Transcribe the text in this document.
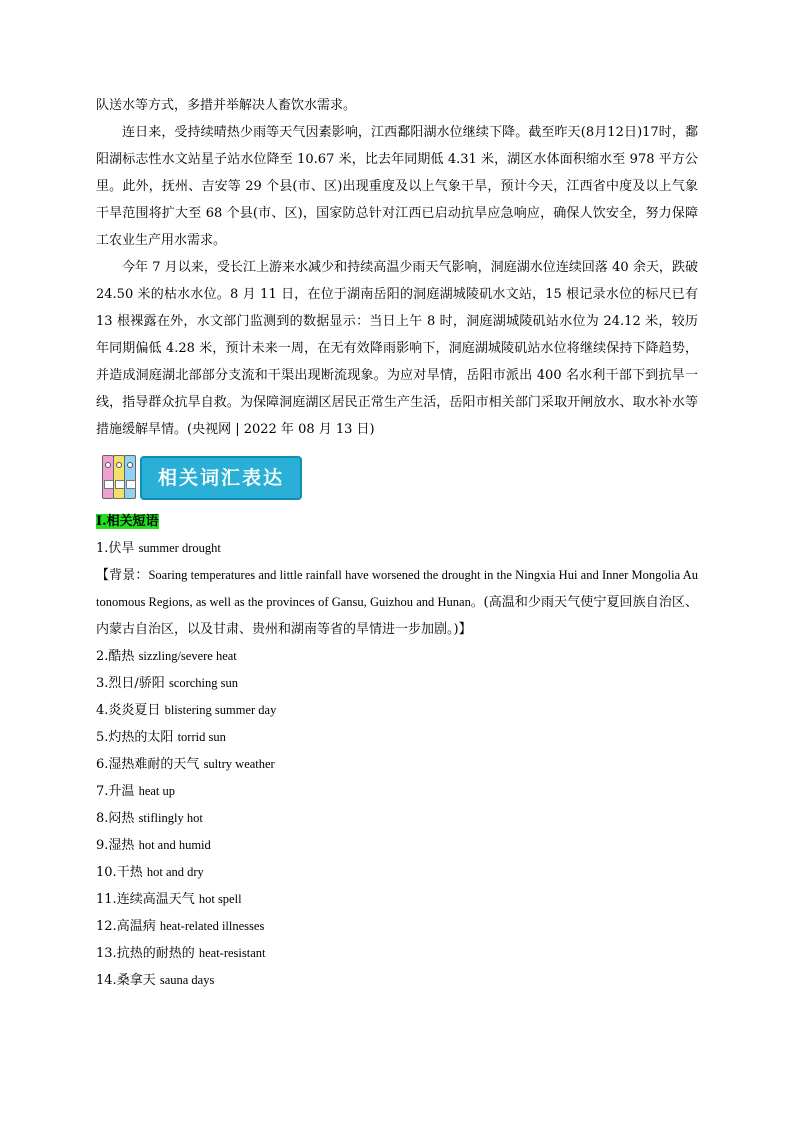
队送水等方式，多措并举解决人畜饮水需求。

连日来，受持续晴热少雨等天气因素影响，江西鄱阳湖水位继续下降。截至昨天(8月12日)17时，鄱阳湖标志性水文站星子站水位降至 10.67 米，比去年同期低 4.31 米，湖区水体面积缩水至 978 平方公里。此外，抚州、吉安等 29 个县(市、区)出现重度及以上气象干旱，预计今天，江西省中度及以上气象干旱范围将扩大至 68 个县(市、区)，国家防总针对江西已启动抗旱应急响应，确保人饮安全，努力保障工农业生产用水需求。

今年 7 月以来，受长江上游来水减少和持续高温少雨天气影响，洞庭湖水位连续回落 40 余天，跌破 24.50 米的枯水水位。8 月 11 日，在位于湖南岳阳的洞庭湖城陵矶水文站，15 根记录水位的标尺已有 13 根裸露在外，水文部门监测到的数据显示：当日上午 8 时，洞庭湖城陵矶站水位为 24.12 米，较历年同期偏低 4.28 米，预计未来一周，在无有效降雨影响下，洞庭湖城陵矶站水位将继续保持下降趋势，并造成洞庭湖北部部分支流和干渠出现断流现象。为应对旱情，岳阳市派出 400 名水利干部下到抗旱一线，指导群众抗旱自救。为保障洞庭湖区居民正常生产生活，岳阳市相关部门采取开闸放水、取水补水等措施缓解旱情。(央视网 | 2022 年 08 月 13 日)

相关词汇表达
I.相关短语

1.伏旱 summer drought

【背景：Soaring temperatures and little rainfall have worsened the drought in the Ningxia Hui and Inner Mongolia Autonomous Regions, as well as the provinces of Gansu, Guizhou and Hunan。(高温和少雨天气使宁夏回族自治区、内蒙古自治区，以及甘肃、贵州和湖南等省的旱情进一步加剧。)】

2.酷热 sizzling/severe heat

3.烈日/骄阳 scorching sun

4.炎炎夏日 blistering summer day

5.灼热的太阳 torrid sun

6.湿热难耐的天气 sultry weather

7.升温 heat up

8.闷热 stiflingly hot

9.湿热 hot and humid

10.干热 hot and dry

11.连续高温天气 hot spell

12.高温病 heat-related illnesses

13.抗热的耐热的 heat-resistant

14.桑拿天 sauna days
